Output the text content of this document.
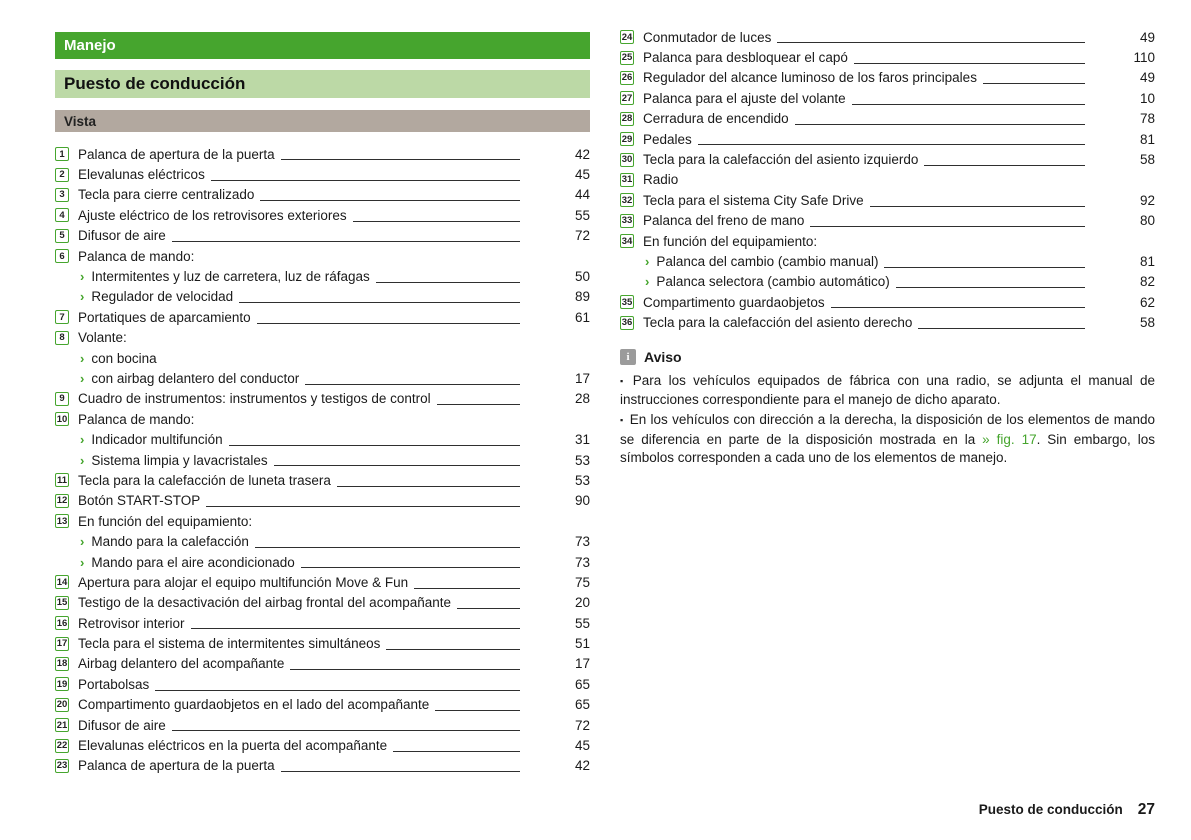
Manejo
Puesto de conducción
Vista
1 Palanca de apertura de la puerta	42
2 Elevalunas eléctricos	45
3 Tecla para cierre centralizado	44
4 Ajuste eléctrico de los retrovisores exteriores	55
5 Difusor de aire	72
6 Palanca de mando:
› Intermitentes y luz de carretera, luz de ráfagas	50
› Regulador de velocidad	89
7 Portatiques de aparcamiento	61
8 Volante:
› con bocina
› con airbag delantero del conductor	17
9 Cuadro de instrumentos: instrumentos y testigos de control	28
10 Palanca de mando:
› Indicador multifunción	31
› Sistema limpia y lavacristales	53
11 Tecla para la calefacción de luneta trasera	53
12 Botón START-STOP	90
13 En función del equipamiento:
› Mando para la calefacción	73
› Mando para el aire acondicionado	73
14 Apertura para alojar el equipo multifunción Move & Fun	75
15 Testigo de la desactivación del airbag frontal del acompañante	20
16 Retrovisor interior	55
17 Tecla para el sistema de intermitentes simultáneos	51
18 Airbag delantero del acompañante	17
19 Portabolsas	65
20 Compartimento guardaobjetos en el lado del acompañante	65
21 Difusor de aire	72
22 Elevalunas eléctricos en la puerta del acompañante	45
23 Palanca de apertura de la puerta	42
24 Conmutador de luces	49
25 Palanca para desbloquear el capó	110
26 Regulador del alcance luminoso de los faros principales	49
27 Palanca para el ajuste del volante	10
28 Cerradura de encendido	78
29 Pedales	81
30 Tecla para la calefacción del asiento izquierdo	58
31 Radio
32 Tecla para el sistema City Safe Drive	92
33 Palanca del freno de mano	80
34 En función del equipamiento:
› Palanca del cambio (cambio manual)	81
› Palanca selectora (cambio automático)	82
35 Compartimento guardaobjetos	62
36 Tecla para la calefacción del asiento derecho	58
i	Aviso

▪ Para los vehículos equipados de fábrica con una radio, se adjunta el manual de instrucciones correspondiente para el manejo de dicho aparato.

▪ En los vehículos con dirección a la derecha, la disposición de los elementos de mando se diferencia en parte de la disposición mostrada en la » fig. 17. Sin embargo, los símbolos corresponden a cada uno de los elementos de manejo.

Puesto de conducción 27
